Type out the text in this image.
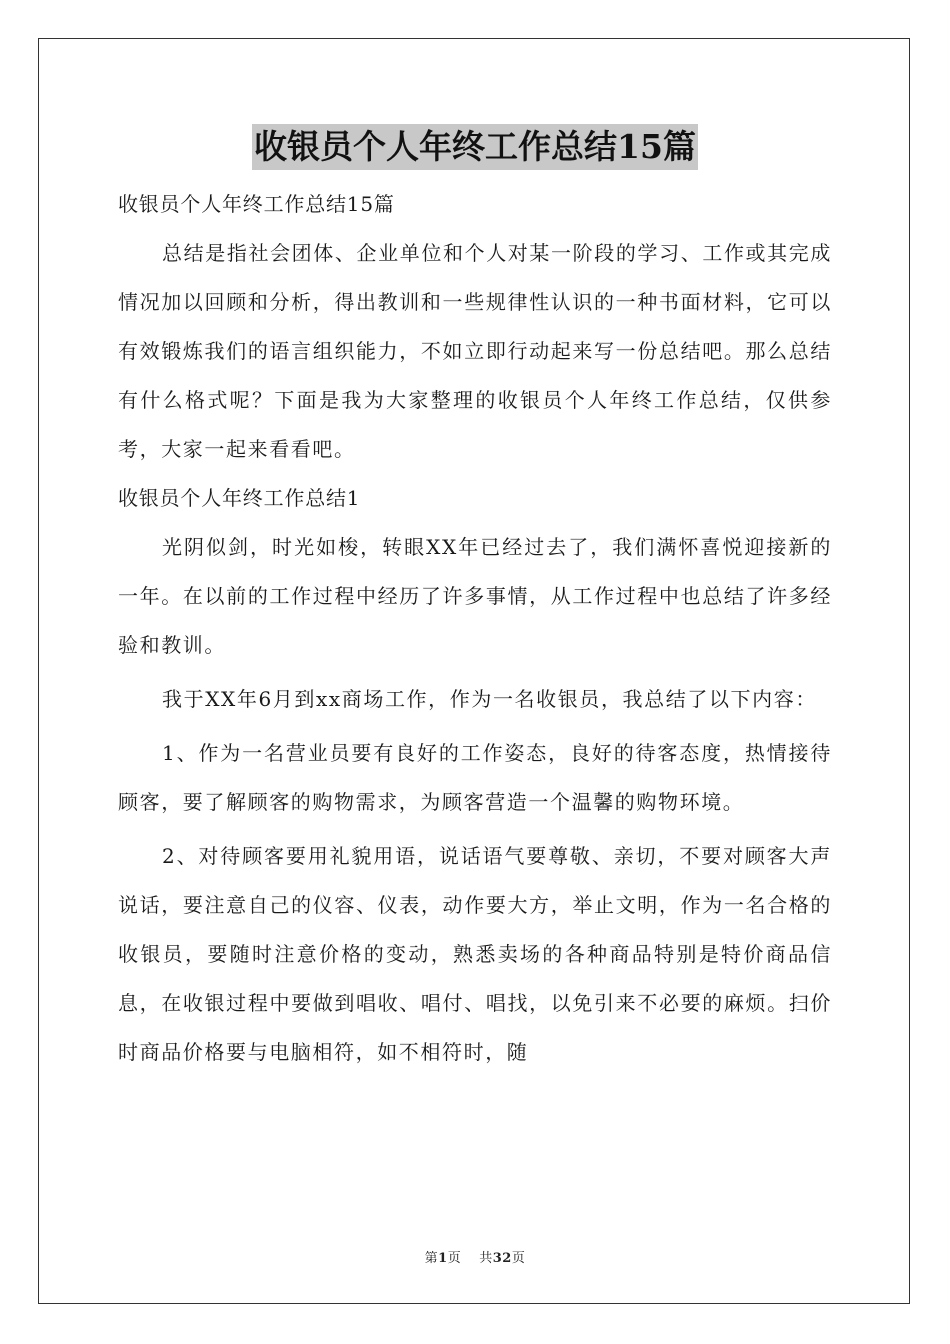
收银员个人年终工作总结15篇

收银员个人年终工作总结15篇

总结是指社会团体、企业单位和个人对某一阶段的学习、工作或其完成情况加以回顾和分析，得出教训和一些规律性认识的一种书面材料，它可以有效锻炼我们的语言组织能力，不如立即行动起来写一份总结吧。那么总结有什么格式呢？下面是我为大家整理的收银员个人年终工作总结，仅供参考，大家一起来看看吧。

收银员个人年终工作总结1

光阴似剑，时光如梭，转眼XX年已经过去了，我们满怀喜悦迎接新的一年。在以前的工作过程中经历了许多事情，从工作过程中也总结了许多经验和教训。

我于XX年6月到xx商场工作，作为一名收银员，我总结了以下内容：

1、作为一名营业员要有良好的工作姿态，良好的待客态度，热情接待顾客，要了解顾客的购物需求，为顾客营造一个温馨的购物环境。

2、对待顾客要用礼貌用语，说话语气要尊敬、亲切，不要对顾客大声说话，要注意自己的仪容、仪表，动作要大方，举止文明，作为一名合格的收银员，要随时注意价格的变动，熟悉卖场的各种商品特别是特价商品信息，在收银过程中要做到唱收、唱付、唱找，以免引来不必要的麻烦。扫价时商品价格要与电脑相符，如不相符时，随

第1页 共32页
